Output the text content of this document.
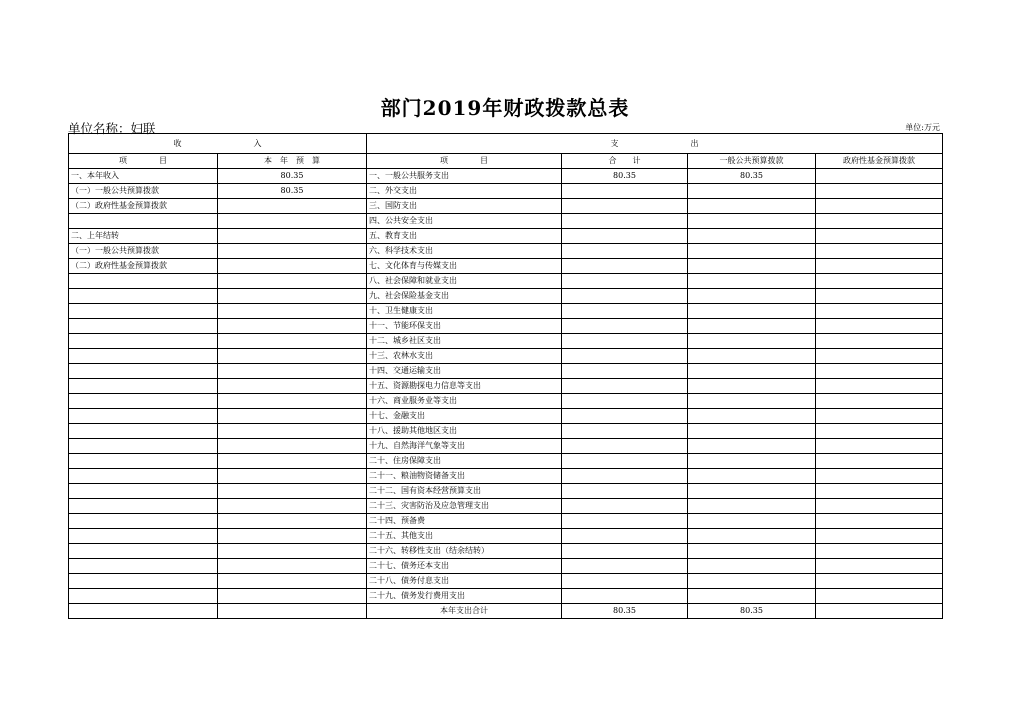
部门2019年财政拨款总表
单位名称：妇联	单位:万元
收　　　　　　　　　入		支　　　　　　　　　出			
项　　　　目	本　年　预　算	项　　　　目	合　　计	一般公共预算拨款	政府性基金预算拨款
一、本年收入	80.35	一、一般公共服务支出	80.35	80.35	
（一）一般公共预算拨款	80.35	二、外交支出			
（二）政府性基金预算拨款		三、国防支出			
		四、公共安全支出			
二、上年结转		五、教育支出			
（一）一般公共预算拨款		六、科学技术支出			
（二）政府性基金预算拨款		七、文化体育与传媒支出			
		八、社会保障和就业支出			
		九、社会保险基金支出			
		十、卫生健康支出			
		十一、节能环保支出			
		十二、城乡社区支出			
		十三、农林水支出			
		十四、交通运输支出			
		十五、资源勘探电力信息等支出			
		十六、商业服务业等支出			
		十七、金融支出			
		十八、援助其他地区支出			
		十九、自然海洋气象等支出			
		二十、住房保障支出			
		二十一、粮油物资储备支出			
		二十二、国有资本经营预算支出			
		二十三、灾害防治及应急管理支出			
		二十四、预备费			
		二十五、其他支出			
		二十六、转移性支出（结余结转）			
		二十七、债务还本支出			
		二十八、债务付息支出			
		二十九、债务发行费用支出			
		本年支出合计	80.35	80.35	
